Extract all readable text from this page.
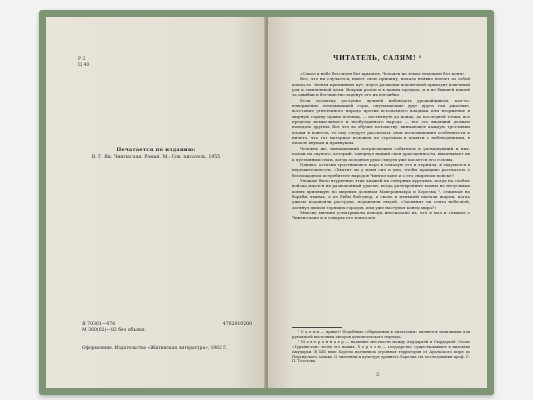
Р 2
Ц 40
Печатается по изданию:
В. Г. Ян. Чингиз-хан. Роман. М.: Сов. писатель, 1955
Я 70301—076	4702010200
М 360(02)—82 без объявл.
Оформление. Издательство «Житинская литература», 1982 Г.
ЧИТАТЕЛЬ, САЛЯМ! ¹

«Сокол в небе бессилен без крыльев. Человек на земле немощен без коня».

Все, что ни случается, имеет свою причину, начало неявно влечет за собой конец ее. Звенья причинных пут, через развилки вековечной приводят извечный рок к заменчивой цели. Вскрыв разом и в наших предках, и в не бывшей нашей за ошибки и бесчинство заденут его их изглибие.

Если человеку доступно лучшей наблюдать урожайщиком, кал-то: извержение огнедышащей горы, опутывающие друг друга гаи ужасные, восстание угнетенного народа против всесильного владыки или вторжение в мирную страну чужих полчищ, — постигнуть до конца, до последней точки, все пределы немыслимого и необузданного народа — все это видящий должен поведать другим. Вот что во обучит потомству: внимающее каждую тростинки пламя в повесть, то ему следует рассказать свои воспоминания особенности и ничего, что тот материал изложен по строчкам в памяти с наблюдениями, в начале внукам и правнукам.

Человек же, вынашавший потрясающим событием и упоманувший и них, похож на скупого, который, завернул нищий свои драгоценности, выкапывает их к пустынным снам, когда холодная рука смерти уже касается его головы.

Однако, остатки тростниковое перо в отмалую его и чернила, я задумался в нерешительности. «Хватит ли у меня сил и ума, чтобы правдиво рассказать о беспощадном истребителе народов Чингиз-хане и о его свирепом войске?

Уважаю было втурнение этих лиджей на северных курганах, когда на слабые войска мчался их разноконный ураган, когда разъяренные воины на несусимых конях хрипящую по мирным долинам Мавераннахра и Хорезма ², отжимая на борьбы чванах, а из бабы бой-двор, а сколь в меньшей пылали жаром, когда ужасы подавляли рассудок, подавляли людей. «Засиянит ли сента небесной, затянул дымом горящих городов, или уже наступил конец мира?»

Многие мнения усматривали поводы иносказано их, что я мел и слышал о Чингиз-хане и в северах его монголов.

¹ С а л я м — привет! Подобным «Обращения к читателям» являются типичными для рукописей восточных авторов домонгольского периода.

² М а в е р а н н а х р — название местности между Амударьей и Сырдарьей. Слово «Туранистан» тесно его наших. Х о р е з м — государство, существовавшее в низовьях Амударьи. В XIII веке Хорезм подчинила огромная территория от Аральского моря до Персидского залива. О значении и культуре древнего Хорезма см. исследования проф. С. П. Толстова.

3
